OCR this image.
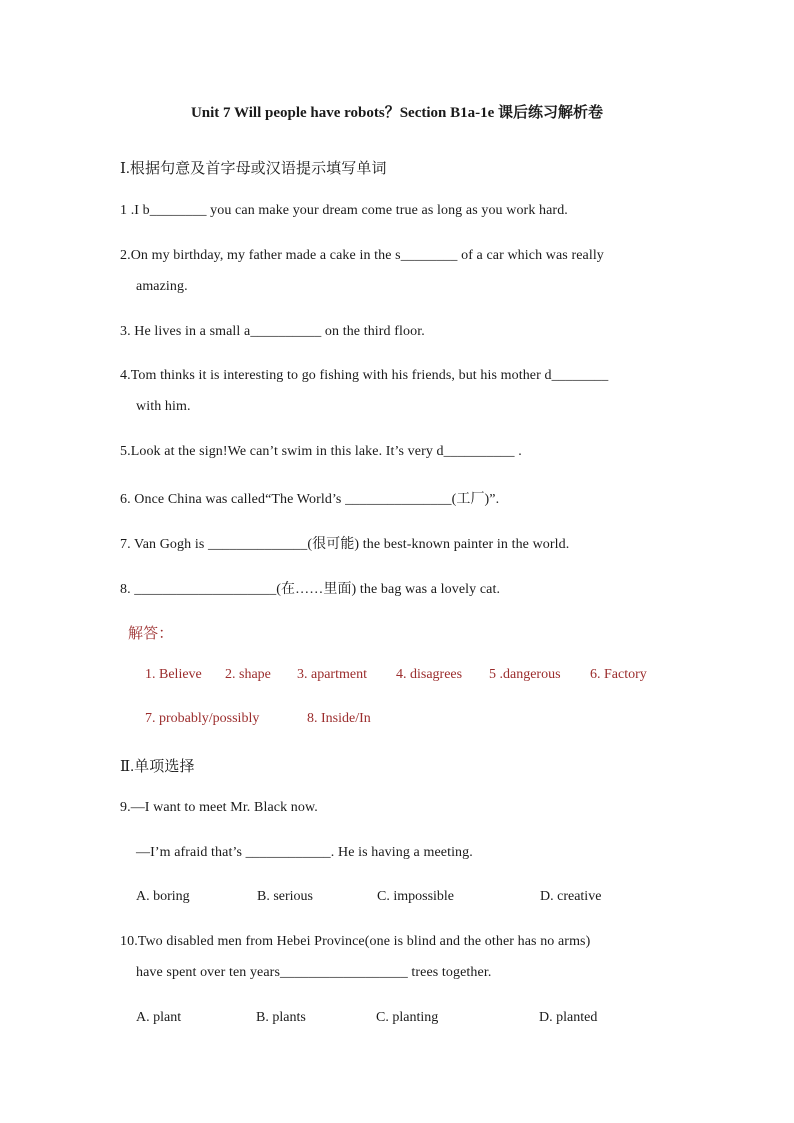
Unit 7 Will people have robots？Section B1a-1e 课后练习解析卷
Ⅰ.根据句意及首字母或汉语提示填写单词
1 .I b________ you can make your dream come true as long as you work hard.
2.On my birthday, my father made a cake in the s________ of a car which was really
amazing.
3. He lives in a small a__________ on the third floor.
4.Tom thinks it is interesting to go fishing with his friends, but his mother d________
with him.
5.Look at the sign!We can’t swim in this lake. It’s very d__________ .
6. Once China was called“The World’s _______________(工厂)”.
7. Van Gogh is ______________(很可能) the best-known painter in the world.
8. ____________________(在……里面) the bag was a lovely cat.
解答：
1. Believe 2. shape 3. apartment 4. disagrees 5 .dangerous 6. Factory
7. probably/possibly	8. Inside/In
Ⅱ.单项选择
9.—I want to meet Mr. Black now.
—I’m afraid that’s ____________. He is having a meeting.
A. boring	B. serious	C. impossible	D. creative
10.Two disabled men from Hebei Province(one is blind and the other has no arms)
have spent over ten years__________________ trees together.
A. plant	B. plants	C. planting	D. planted
